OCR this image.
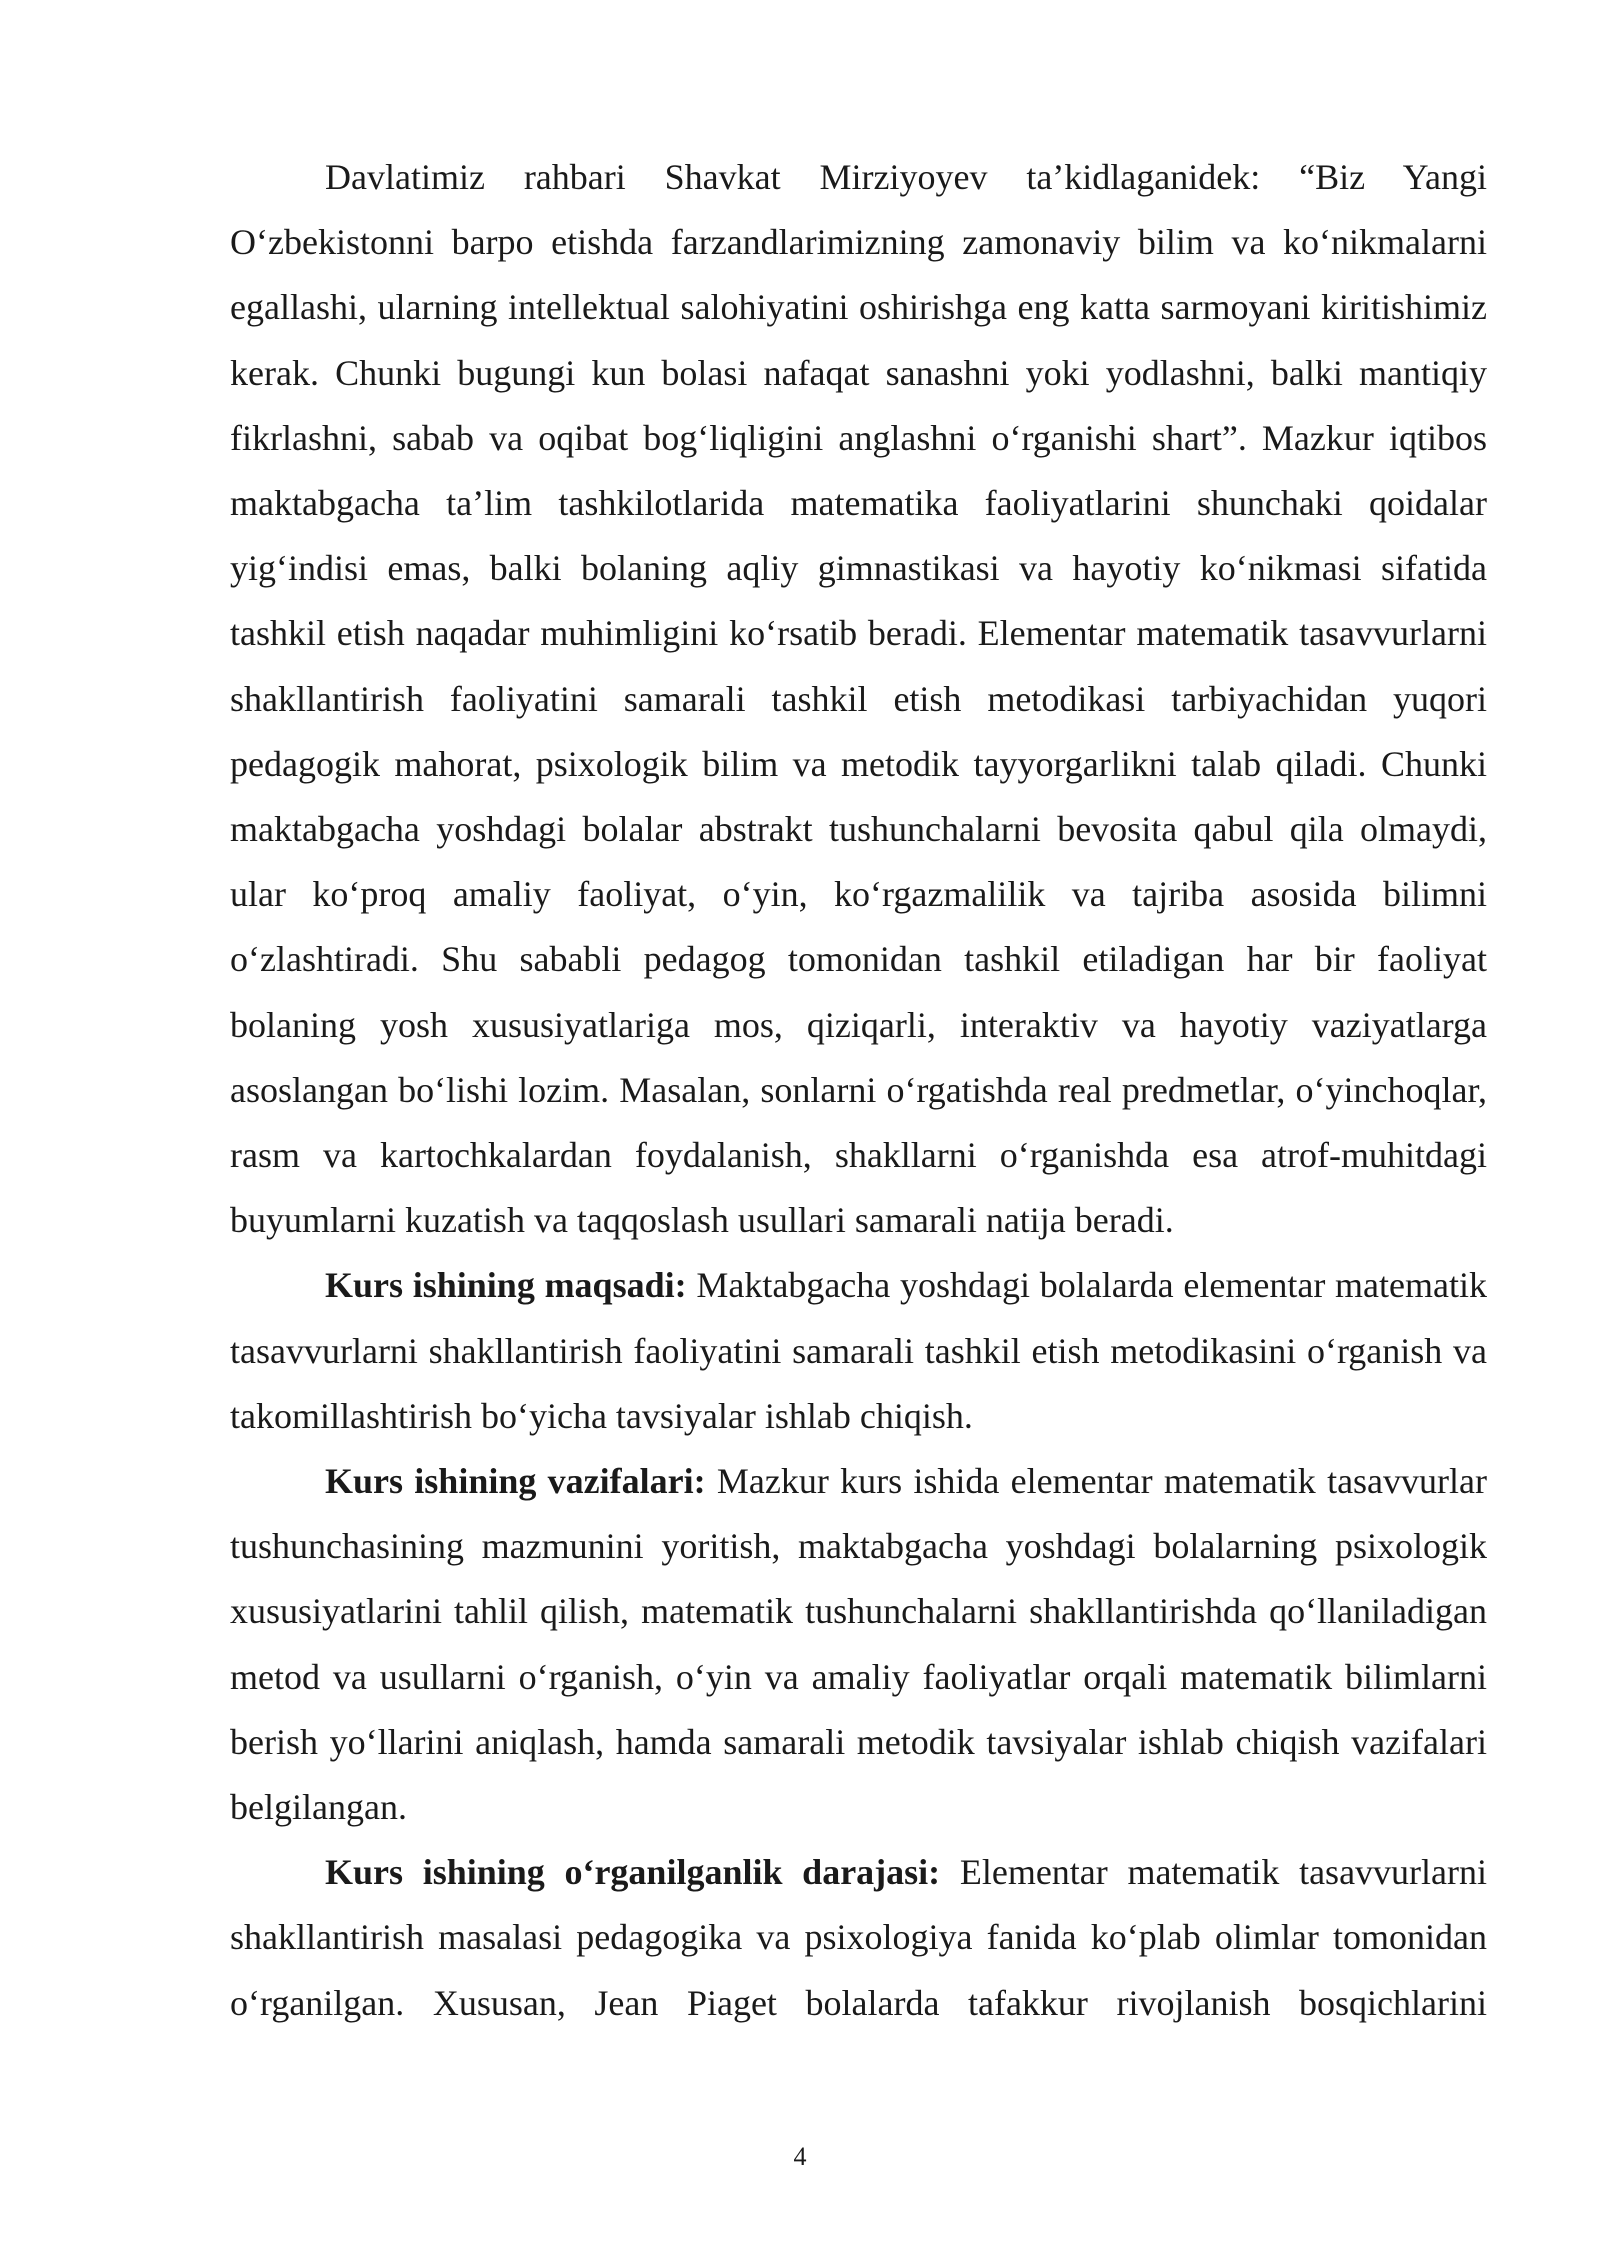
Davlatimiz rahbari Shavkat Mirziyoyev ta’kidlaganidek: “Biz Yangi O‘zbekistonni barpo etishda farzandlarimizning zamonaviy bilim va ko‘nikmalarni egallashi, ularning intellektual salohiyatini oshirishga eng katta sarmoyani kiritishimiz kerak. Chunki bugungi kun bolasi nafaqat sanashni yoki yodlashni, balki mantiqiy fikrlashni, sabab va oqibat bog‘liqligini anglashni o‘rganishi shart”. Mazkur iqtibos maktabgacha ta’lim tashkilotlarida matematika faoliyatlarini shunchaki qoidalar yig‘indisi emas, balki bolaning aqliy gimnastikasi va hayotiy ko‘nikmasi sifatida tashkil etish naqadar muhimligini ko‘rsatib beradi. Elementar matematik tasavvurlarni shakllantirish faoliyatini samarali tashkil etish metodikasi tarbiyachidan yuqori pedagogik mahorat, psixologik bilim va metodik tayyorgarlikni talab qiladi. Chunki maktabgacha yoshdagi bolalar abstrakt tushunchalarni bevosita qabul qila olmaydi, ular ko‘proq amaliy faoliyat, o‘yin, ko‘rgazmalilik va tajriba asosida bilimni o‘zlashtiradi. Shu sababli pedagog tomonidan tashkil etiladigan har bir faoliyat bolaning yosh xususiyatlariga mos, qiziqarli, interaktiv va hayotiy vaziyatlarga asoslangan bo‘lishi lozim. Masalan, sonlarni o‘rgatishda real predmetlar, o‘yinchoqlar, rasm va kartochkalardan foydalanish, shakllarni o‘rganishda esa atrof-muhitdagi buyumlarni kuzatish va taqqoslash usullari samarali natija beradi.

Kurs ishining maqsadi: Maktabgacha yoshdagi bolalarda elementar matematik tasavvurlarni shakllantirish faoliyatini samarali tashkil etish metodikasini o‘rganish va takomillashtirish bo‘yicha tavsiyalar ishlab chiqish.

Kurs ishining vazifalari: Mazkur kurs ishida elementar matematik tasavvurlar tushunchasining mazmunini yoritish, maktabgacha yoshdagi bolalarning psixologik xususiyatlarini tahlil qilish, matematik tushunchalarni shakllantirishda qo‘llaniladigan metod va usullarni o‘rganish, o‘yin va amaliy faoliyatlar orqali matematik bilimlarni berish yo‘llarini aniqlash, hamda samarali metodik tavsiyalar ishlab chiqish vazifalari belgilangan.

Kurs ishining o‘rganilganlik darajasi: Elementar matematik tasavvurlarni shakllantirish masalasi pedagogika va psixologiya fanida ko‘plab olimlar tomonidan o‘rganilgan. Xususan, Jean Piaget bolalarda tafakkur rivojlanish bosqichlarini

4
